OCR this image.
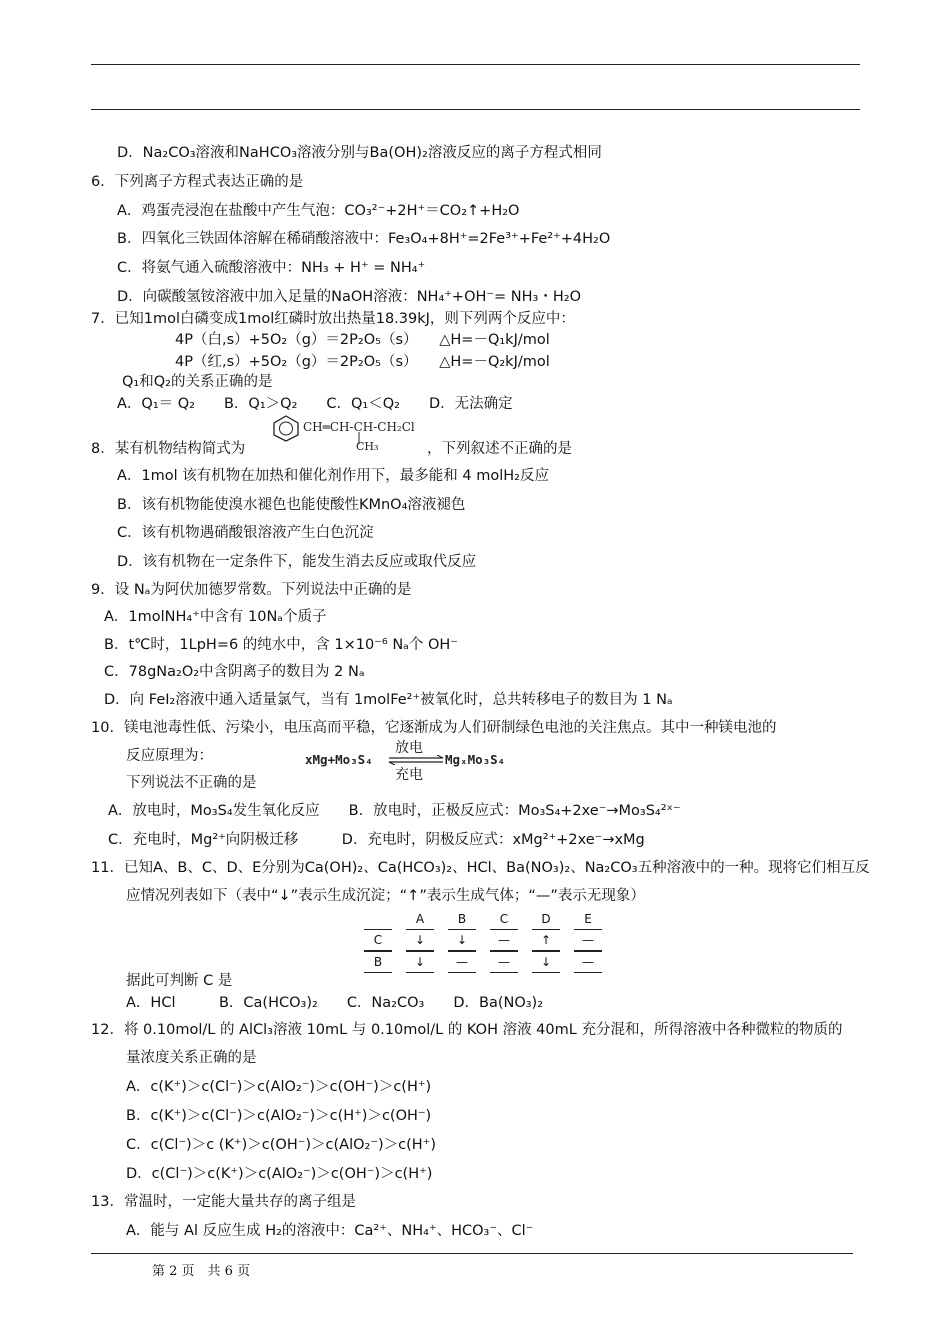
D．Na₂CO₃溶液和NaHCO₃溶液分别与Ba(OH)₂溶液反应的离子方程式相同
6．下列离子方程式表达正确的是
A．鸡蛋壳浸泡在盐酸中产生气泡：CO₃²⁻+2H⁺＝CO₂↑+H₂O
B．四氧化三铁固体溶解在稀硝酸溶液中：Fe₃O₄+8H⁺=2Fe³⁺+Fe²⁺+4H₂O
C．将氨气通入硫酸溶液中：NH₃ + H⁺ = NH₄⁺
D．向碳酸氢铵溶液中加入足量的NaOH溶液：NH₄⁺+OH⁻= NH₃・H₂O
7．已知1mol白磷变成1mol红磷时放出热量18.39kJ，则下列两个反应中：
4P（白,s）+5O₂（g）＝2P₂O₅（s）　　△H=－Q₁kJ/mol
4P（红,s）+5O₂（g）＝2P₂O₅（s）　　△H=－Q₂kJ/mol
Q₁和Q₂的关系正确的是
A．Q₁＝ Q₂　　B．Q₁＞Q₂　　C．Q₁＜Q₂　　D．无法确定
8．某有机物结构简式为
CH═CH-CH-CH₂Cl
|
CH₃	，下列叙述不正确的是
A．1mol 该有机物在加热和催化剂作用下，最多能和 4 molH₂反应
B．该有机物能使溴水褪色也能使酸性KMnO₄溶液褪色
C．该有机物遇硝酸银溶液产生白色沉淀
D．该有机物在一定条件下，能发生消去反应或取代反应
9．设 Nₐ为阿伏加德罗常数。下列说法中正确的是
A．1molNH₄⁺中含有 10Nₐ个质子
B．t℃时，1LpH=6 的纯水中，含 1×10⁻⁶ Nₐ个 OH⁻
C．78gNa₂O₂中含阴离子的数目为 2 Nₐ
D．向 FeI₂溶液中通入适量氯气，当有 1molFe²⁺被氧化时，总共转移电子的数目为 1 Nₐ
10．镁电池毒性低、污染小，电压高而平稳，它逐渐成为人们研制绿色电池的关注焦点。其中一种镁电池的
反应原理为：	xMg+Mo₃S₄
放电
MgₓMo₃S₄
充电
下列说法不正确的是
A．放电时，Mo₃S₄发生氧化反应　　B．放电时，正极反应式：Mo₃S₄+2xe⁻→Mo₃S₄²ˣ⁻
C．充电时，Mg²⁺向阴极迁移　　　D．充电时，阴极反应式：xMg²⁺+2xe⁻→xMg
11．已知A、B、C、D、E分别为Ca(OH)₂、Ca(HCO₃)₂、HCl、Ba(NO₃)₂、Na₂CO₃五种溶液中的一种。现将它们相互反
应情况列表如下（表中“↓”表示生成沉淀；“↑”表示生成气体；“—”表示无现象）
	A	B	C	D	E
C	↓	↓	—	↑	—
B	↓	—	—	↓	—
据此可判断 C 是
A．HCl　　　B．Ca(HCO₃)₂　　C．Na₂CO₃　　D．Ba(NO₃)₂
12．将 0.10mol/L 的 AlCl₃溶液 10mL 与 0.10mol/L 的 KOH 溶液 40mL 充分混和，所得溶液中各种微粒的物质的
量浓度关系正确的是
A．c(K⁺)＞c(Cl⁻)＞c(AlO₂⁻)＞c(OH⁻)＞c(H⁺)
B．c(K⁺)＞c(Cl⁻)＞c(AlO₂⁻)＞c(H⁺)＞c(OH⁻)
C．c(Cl⁻)＞c (K⁺)＞c(OH⁻)＞c(AlO₂⁻)＞c(H⁺)
D．c(Cl⁻)＞c(K⁺)＞c(AlO₂⁻)＞c(OH⁻)＞c(H⁺)
13．常温时，一定能大量共存的离子组是
A．能与 Al 反应生成 H₂的溶液中：Ca²⁺、NH₄⁺、HCO₃⁻、Cl⁻
第 2 页　共 6 页
